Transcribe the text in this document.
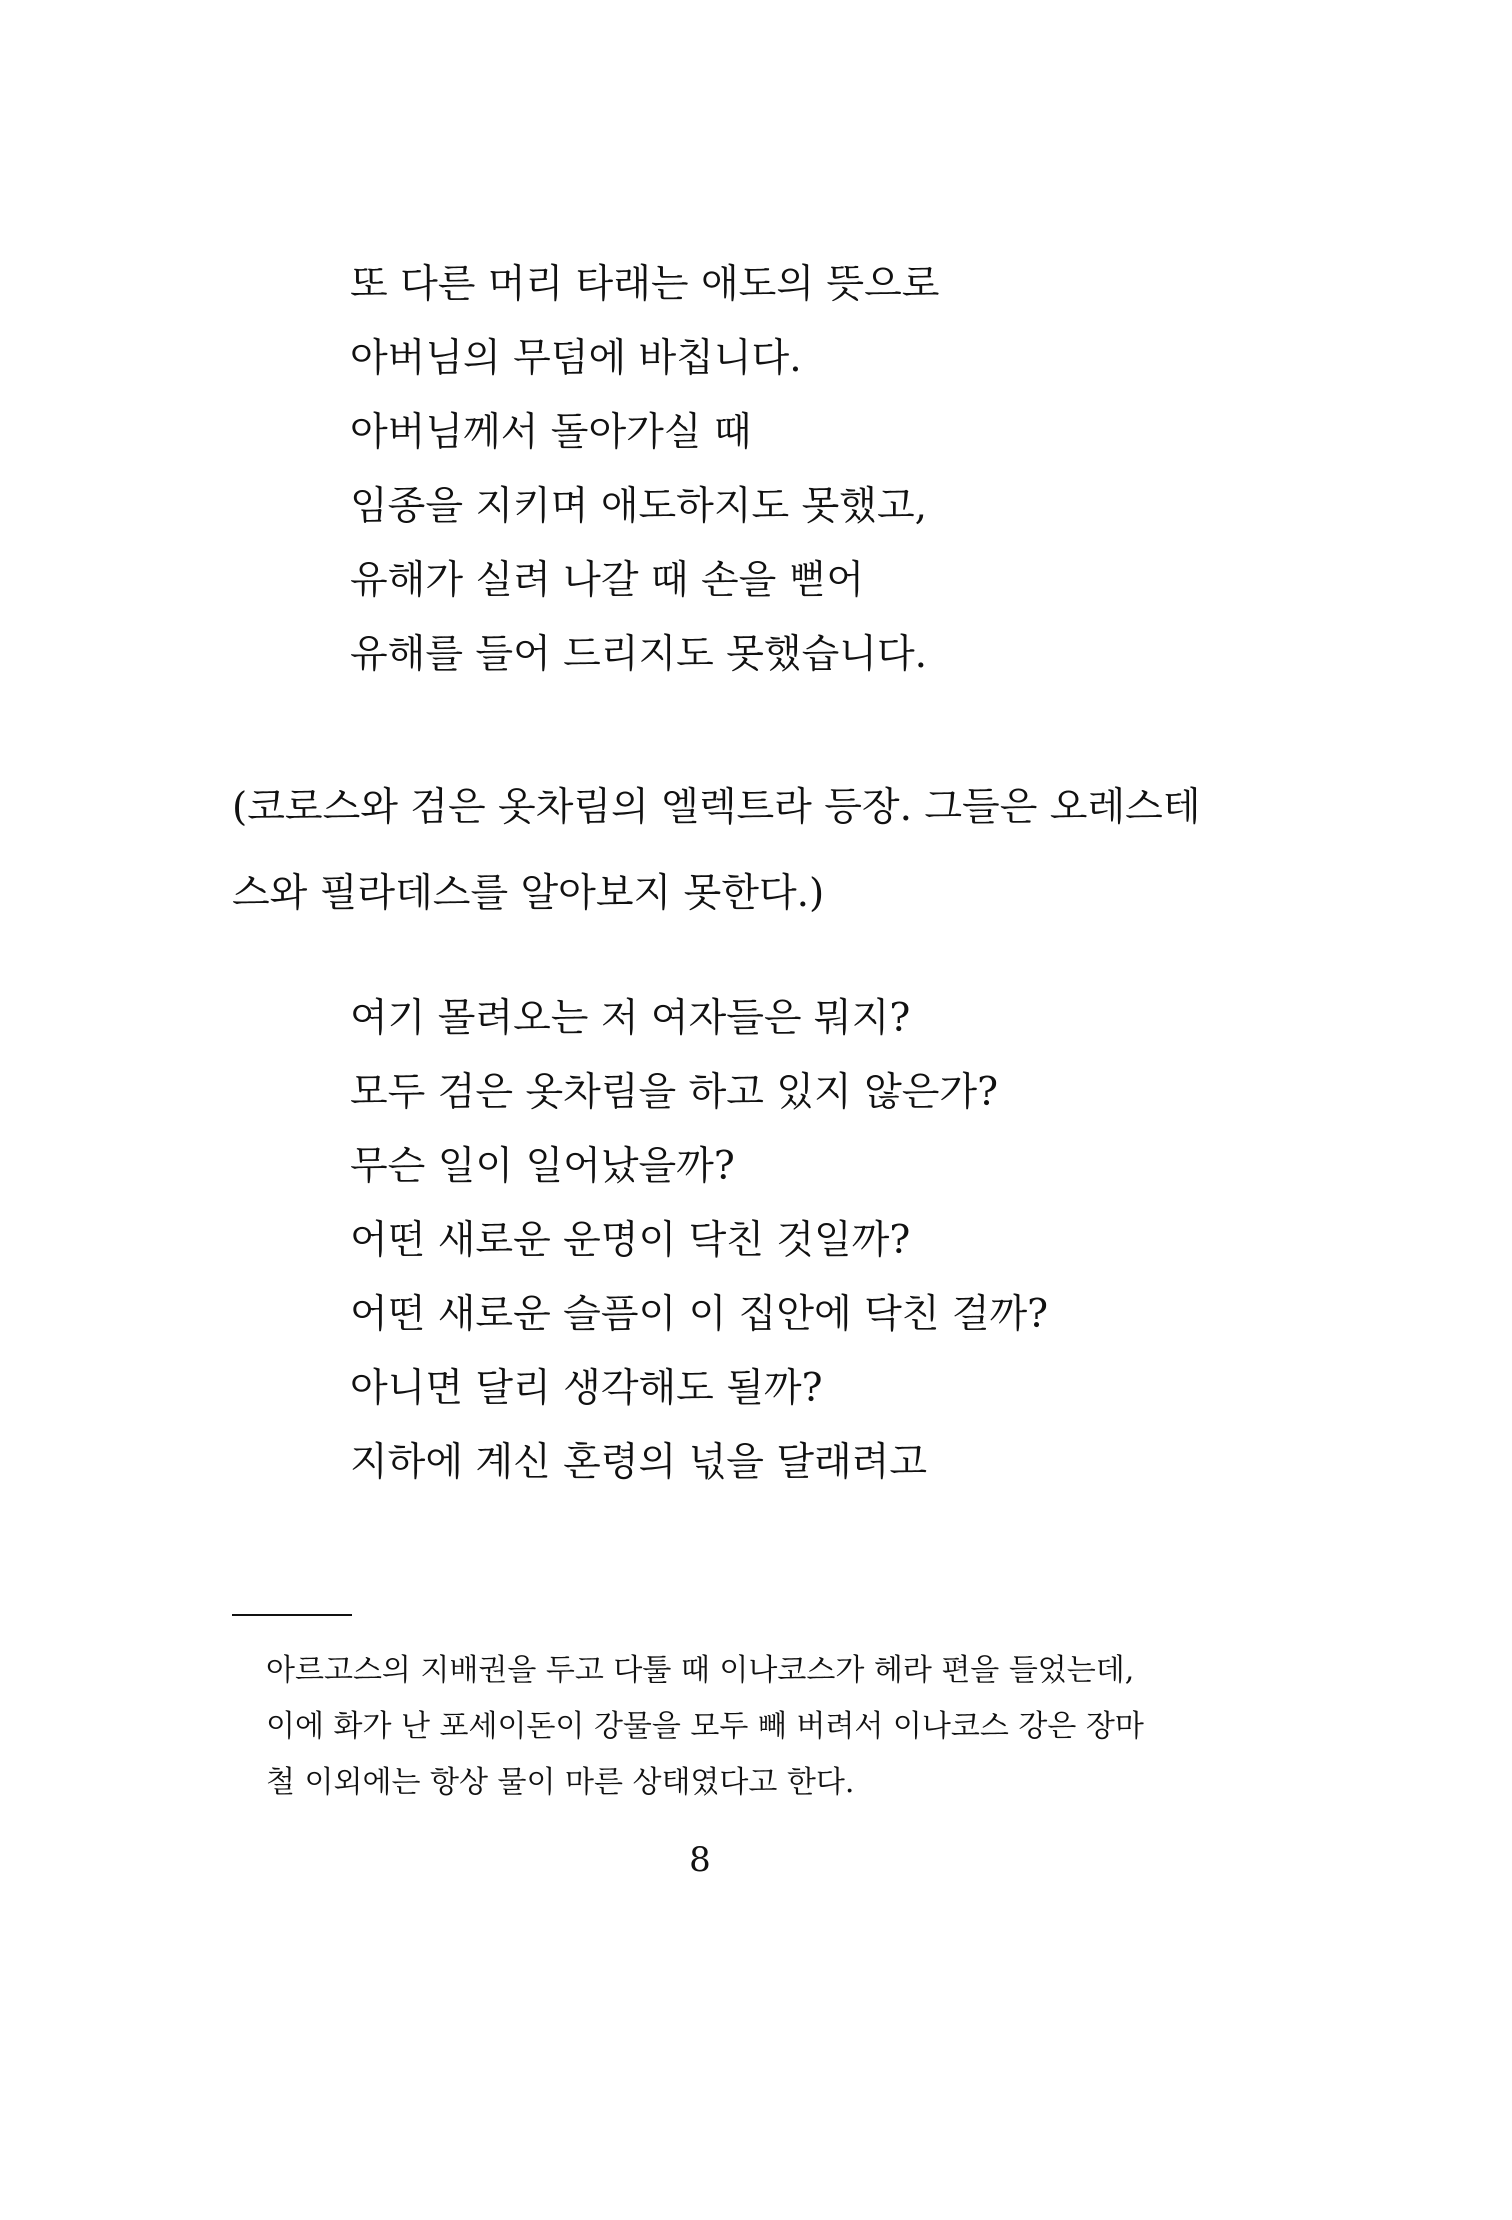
또 다른 머리 타래는 애도의 뜻으로
아버님의 무덤에 바칩니다.
아버님께서 돌아가실 때
임종을 지키며 애도하지도 못했고,
유해가 실려 나갈 때 손을 뻗어
유해를 들어 드리지도 못했습니다.
(코로스와 검은 옷차림의 엘렉트라 등장. 그들은 오레스테
스와 필라데스를 알아보지 못한다.)
여기 몰려오는 저 여자들은 뭐지?
모두 검은 옷차림을 하고 있지 않은가?
무슨 일이 일어났을까?
어떤 새로운 운명이 닥친 것일까?
어떤 새로운 슬픔이 이 집안에 닥친 걸까?
아니면 달리 생각해도 될까?
지하에 계신 혼령의 넋을 달래려고
아르고스의 지배권을 두고 다툴 때 이나코스가 헤라 편을 들었는데,
이에 화가 난 포세이돈이 강물을 모두 빼 버려서 이나코스 강은 장마
철 이외에는 항상 물이 마른 상태였다고 한다.
8
